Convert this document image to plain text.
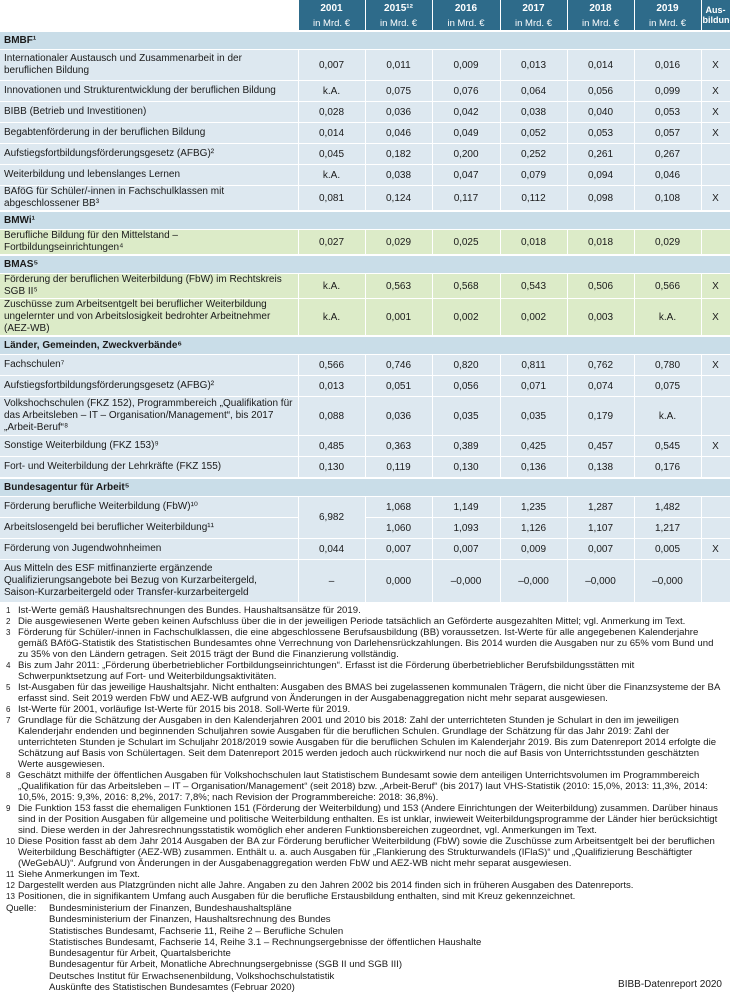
	2001	2015¹²	2016	2017	2018	2019	Aus-bildung¹³
	in Mrd. €	in Mrd. €	in Mrd. €	in Mrd. €	in Mrd. €	in Mrd. €	
BMBF¹							
Internationaler Austausch und Zusammenarbeit in der beruflichen Bildung	0,007	0,011	0,009	0,013	0,014	0,016	X
Innovationen und Strukturentwicklung der beruflichen Bildung	k.A.	0,075	0,076	0,064	0,056	0,099	X
BIBB (Betrieb und Investitionen)	0,028	0,036	0,042	0,038	0,040	0,053	X
Begabtenförderung in der beruflichen Bildung	0,014	0,046	0,049	0,052	0,053	0,057	X
Aufstiegsfortbildungsförderungsgesetz (AFBG)²	0,045	0,182	0,200	0,252	0,261	0,267	
Weiterbildung und lebenslanges Lernen	k.A.	0,038	0,047	0,079	0,094	0,046	
BAföG für Schüler/-innen in Fachschulklassen mit abgeschlossener BB³	0,081	0,124	0,117	0,112	0,098	0,108	X
BMWi¹							
Berufliche Bildung für den Mittelstand – Fortbildungseinrichtungen⁴	0,027	0,029	0,025	0,018	0,018	0,029	
BMAS⁵							
Förderung der beruflichen Weiterbildung (FbW) im Rechtskreis SGB II⁵	k.A.	0,563	0,568	0,543	0,506	0,566	X
Zuschüsse zum Arbeitsentgelt bei beruflicher Weiterbildung ungelernter und von Arbeitslosigkeit bedrohter Arbeitnehmer (AEZ-WB)	k.A.	0,001	0,002	0,002	0,003	k.A.	X
Länder, Gemeinden, Zweckverbände⁶							
Fachschulen⁷	0,566	0,746	0,820	0,811	0,762	0,780	X
Aufstiegsfortbildungsförderungsgesetz (AFBG)²	0,013	0,051	0,056	0,071	0,074	0,075	
Volkshochschulen (FKZ 152), Programmbereich „Qualifikation für das Arbeitsleben – IT – Organisation/Management“, bis 2017 „Arbeit-Beruf“⁸	0,088	0,036	0,035	0,035	0,179	k.A.	
Sonstige Weiterbildung (FKZ 153)⁹	0,485	0,363	0,389	0,425	0,457	0,545	X
Fort- und Weiterbildung der Lehrkräfte (FKZ 155)	0,130	0,119	0,130	0,136	0,138	0,176	
Bundesagentur für Arbeit⁵							
Förderung berufliche Weiterbildung (FbW)¹⁰	6,982	1,068	1,149	1,235	1,287	1,482	
Arbeitslosengeld bei beruflicher Weiterbildung¹¹		1,060	1,093	1,126	1,107	1,217	
Förderung von Jugendwohnheimen	0,044	0,007	0,007	0,009	0,007	0,005	X
Aus Mitteln des ESF mitfinanzierte ergänzende Qualifizierungsangebote bei Bezug von Kurzarbeitergeld, Saison-Kurzarbeitergeld oder Transfer-kurzarbeitergeld	–	0,000	–0,000	–0,000	–0,000	–0,000	
1 Ist-Werte gemäß Haushaltsrechnungen des Bundes. Haushaltsansätze für 2019.
2 Die ausgewiesenen Werte geben keinen Aufschluss über die in der jeweiligen Periode tatsächlich an Geförderte ausgezahlten Mittel; vgl. Anmerkung im Text.
3 Förderung für Schüler/-innen in Fachschulklassen, die eine abgeschlossene Berufsausbildung (BB) voraussetzen. Ist-Werte für alle angegebenen Kalenderjahre gemäß BAföG-Statistik des Statistischen Bundesamtes ohne Verrechnung von Darlehensrückzahlungen. Bis 2014 wurden die Ausgaben nur zu 65% vom Bund und zu 35% von den Ländern getragen. Seit 2015 trägt der Bund die Finanzierung vollständig.
4 Bis zum Jahr 2011: „Förderung überbetrieblicher Fortbildungseinrichtungen“. Erfasst ist die Förderung überbetrieblicher Berufsbildungsstätten mit Schwerpunktsetzung auf Fort- und Weiterbildungsaktivitäten.
5 Ist-Ausgaben für das jeweilige Haushaltsjahr. Nicht enthalten: Ausgaben des BMAS bei zugelassenen kommunalen Trägern, die nicht über die Finanzsysteme der BA erfasst sind. Seit 2019 werden FbW und AEZ-WB aufgrund von Änderungen in der Ausgabenaggregation nicht mehr separat ausgewiesen.
6 Ist-Werte für 2001, vorläufige Ist-Werte für 2015 bis 2018. Soll-Werte für 2019.
7 Grundlage für die Schätzung der Ausgaben in den Kalenderjahren 2001 und 2010 bis 2018: Zahl der unterrichteten Stunden je Schulart in den im jeweiligen Kalenderjahr endenden und beginnenden Schuljahren sowie Ausgaben für die beruflichen Schulen. Grundlage der Schätzung für das Jahr 2019: Zahl der unterrichteten Stunden je Schulart im Schuljahr 2018/2019 sowie Ausgaben für die beruflichen Schulen im Kalenderjahr 2019. Bis zum Datenreport 2014 erfolgte die Schätzung auf Basis von Schülertagen. Seit dem Datenreport 2015 werden jedoch auch rückwirkend nur noch die auf Basis von Unterrichtsstunden geschätzten Werte ausgewiesen.
8 Geschätzt mithilfe der öffentlichen Ausgaben für Volkshochschulen laut Statistischem Bundesamt sowie dem anteiligen Unterrichtsvolumen im Programmbereich „Qualifikation für das Arbeitsleben – IT – Organisation/Management“ (seit 2018) bzw. „Arbeit-Beruf“ (bis 2017) laut VHS-Statistik (2010: 15,0%, 2013: 11,3%, 2014: 10,5%, 2015: 9,3%, 2016: 8,2%, 2017: 7,8%; nach Revision der Programmbereiche: 2018: 36,8%).
9 Die Funktion 153 fasst die ehemaligen Funktionen 151 (Förderung der Weiterbildung) und 153 (Andere Einrichtungen der Weiterbildung) zusammen. Darüber hinaus sind in der Position Ausgaben für allgemeine und politische Weiterbildung enthalten. Es ist unklar, inwieweit Weiterbildungsprogramme der Länder hier berücksichtigt sind. Diese werden in der Jahresrechnungsstatistik womöglich eher anderen Funktionsbereichen zugeordnet, vgl. Anmerkungen im Text.
10 Diese Position fasst ab dem Jahr 2014 Ausgaben der BA zur Förderung beruflicher Weiterbildung (FbW) sowie die Zuschüsse zum Arbeitsentgelt bei der beruflichen Weiterbildung Beschäftigter (AEZ-WB) zusammen. Enthält u. a. auch Ausgaben für „Flankierung des Strukturwandels (IFlaS)“ und „Qualifizierung Beschäftigter (WeGebAU)“. Aufgrund von Änderungen in der Ausgabenaggregation werden FbW und AEZ-WB nicht mehr separat ausgewiesen.
11 Siehe Anmerkungen im Text.
12 Dargestellt werden aus Platzgründen nicht alle Jahre. Angaben zu den Jahren 2002 bis 2014 finden sich in früheren Ausgaben des Datenreports.
13 Positionen, die in signifikantem Umfang auch Ausgaben für die berufliche Erstausbildung enthalten, sind mit Kreuz gekennzeichnet.
Quelle:	Bundesministerium der Finanzen, Bundeshaushaltspläne
Bundesministerium der Finanzen, Haushaltsrechnung des Bundes
Statistisches Bundesamt, Fachserie 11, Reihe 2 – Berufliche Schulen
Statistisches Bundesamt, Fachserie 14, Reihe 3.1 – Rechnungsergebnisse der öffentlichen Haushalte
Bundesagentur für Arbeit, Quartalsberichte
Bundesagentur für Arbeit, Monatliche Abrechnungsergebnisse (SGB II und SGB III)
Deutsches Institut für Erwachsenenbildung, Volkshochschulstatistik
Auskünfte des Statistischen Bundesamtes (Februar 2020)	BIBB-Datenreport 2020
